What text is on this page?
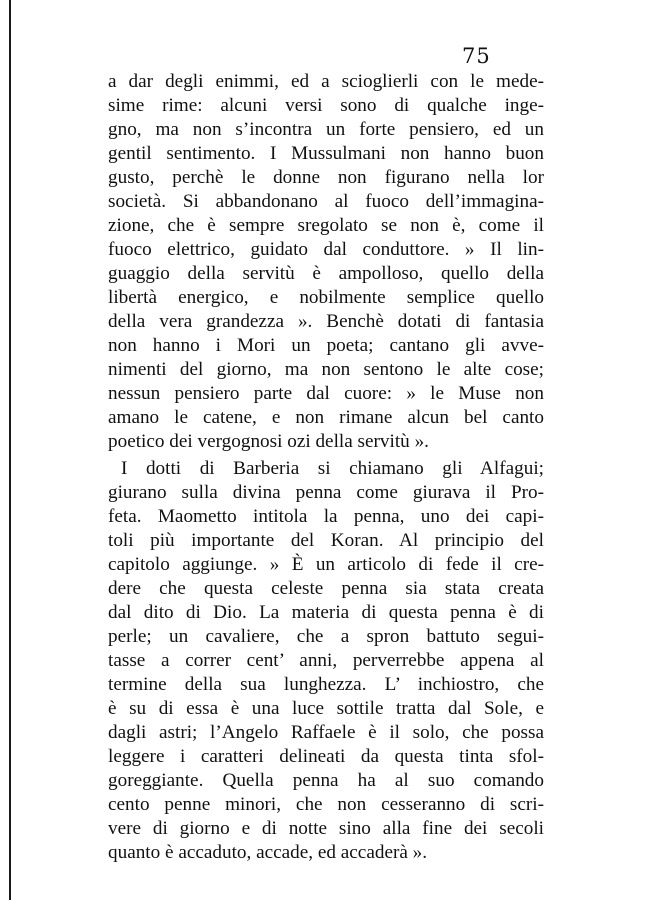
75
a dar degli enimmi, ed a scioglierli con le mede-
sime rime: alcuni versi sono di qualche inge-
gno, ma non s’incontra un forte pensiero, ed un
gentil sentimento. I Mussulmani non hanno buon
gusto, perchè le donne non figurano nella lor
società. Si abbandonano al fuoco dell’immagina-
zione, che è sempre sregolato se non è, come il
fuoco elettrico, guidato dal conduttore. » Il lin-
guaggio della servitù è ampolloso, quello della
libertà energico, e nobilmente semplice quello
della vera grandezza ». Benchè dotati di fantasia
non hanno i Mori un poeta; cantano gli avve-
nimenti del giorno, ma non sentono le alte cose;
nessun pensiero parte dal cuore: » le Muse non
amano le catene, e non rimane alcun bel canto
poetico dei vergognosi ozi della servitù ».
I dotti di Barberia si chiamano gli Alfagui;
giurano sulla divina penna come giurava il Pro-
feta. Maometto intitola la penna, uno dei capi-
toli più importante del Koran. Al principio del
capitolo aggiunge. » È un articolo di fede il cre-
dere che questa celeste penna sia stata creata
dal dito di Dio. La materia di questa penna è di
perle; un cavaliere, che a spron battuto segui-
tasse a correr cent’ anni, perverrebbe appena al
termine della sua lunghezza. L’ inchiostro, che
è su di essa è una luce sottile tratta dal Sole, e
dagli astri; l’Angelo Raffaele è il solo, che possa
leggere i caratteri delineati da questa tinta sfol-
goreggiante. Quella penna ha al suo comando
cento penne minori, che non cesseranno di scri-
vere di giorno e di notte sino alla fine dei secoli
quanto è accaduto, accade, ed accaderà ».
